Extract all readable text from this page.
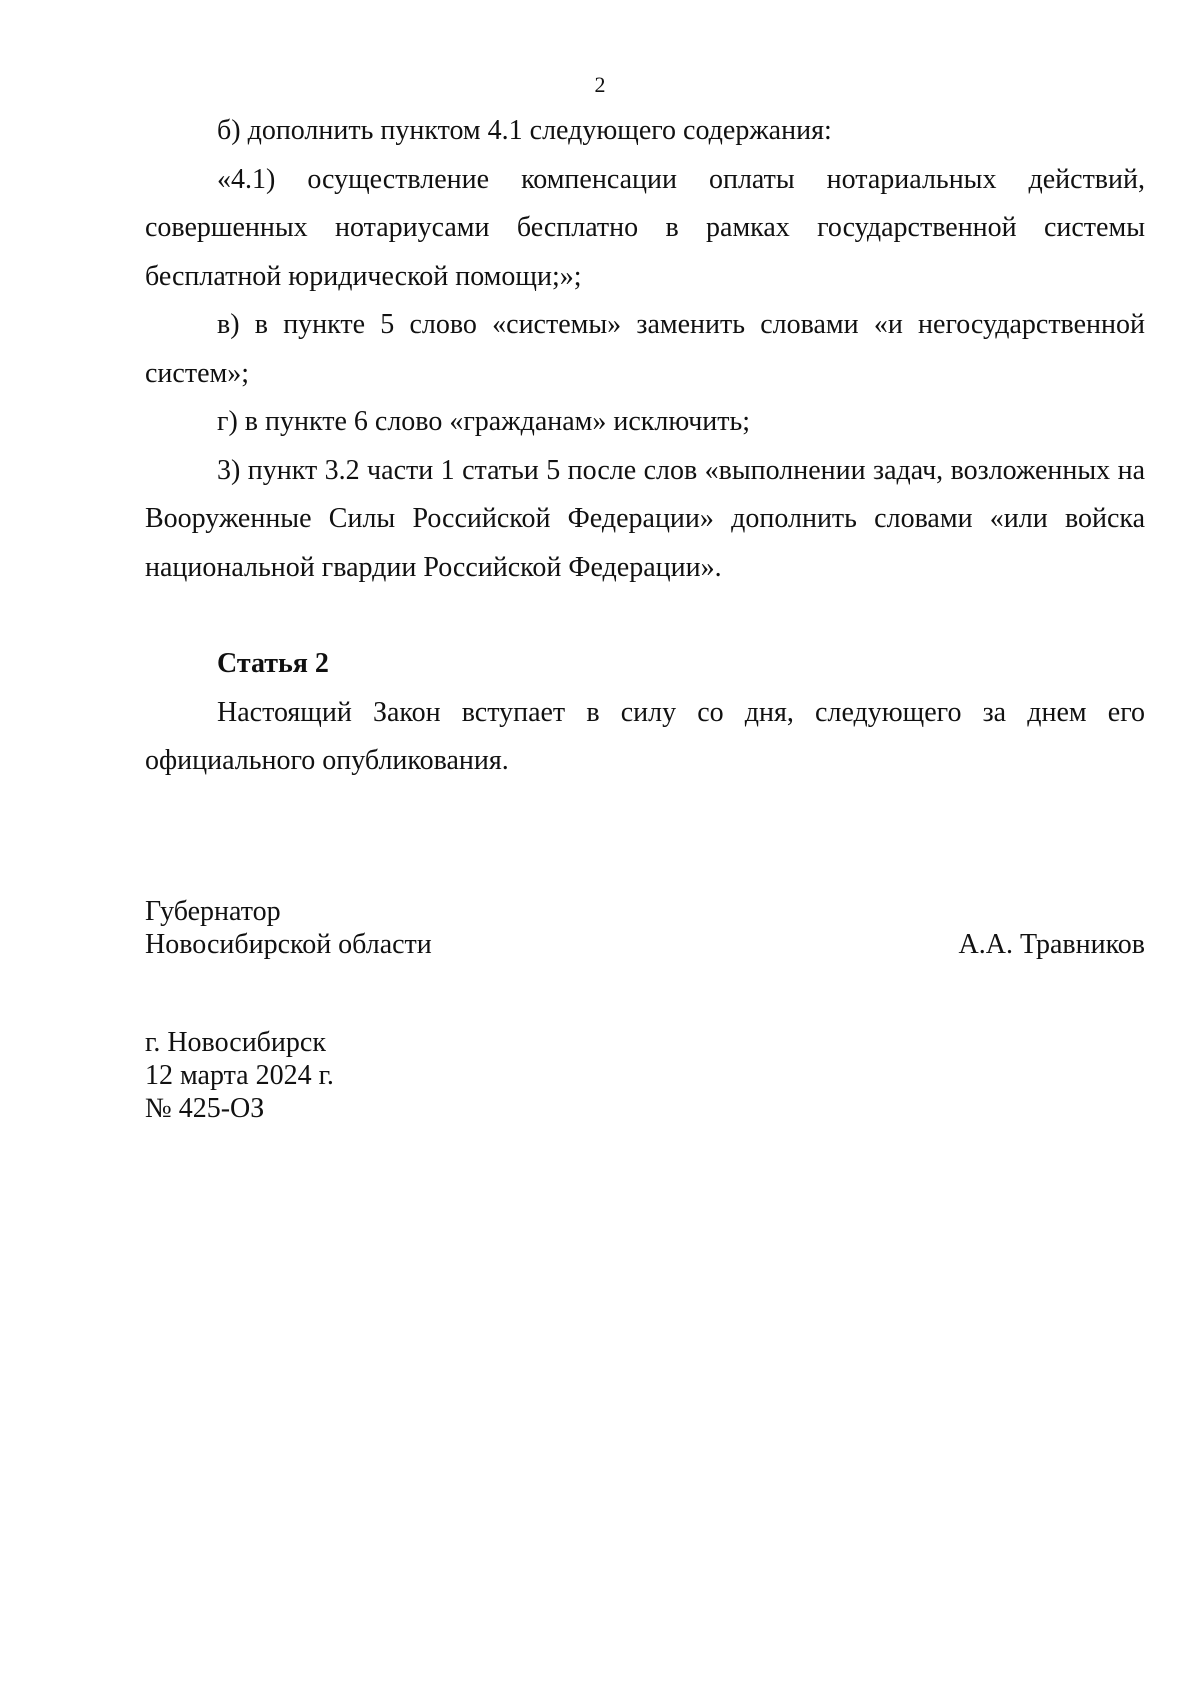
2

б) дополнить пунктом 4.1 следующего содержания:

«4.1) осуществление компенсации оплаты нотариальных действий, совершенных нотариусами бесплатно в рамках государственной системы бесплатной юридической помощи;»;

в) в пункте 5 слово «системы» заменить словами «и негосударственной систем»;

г) в пункте 6 слово «гражданам» исключить;

3) пункт 3.2 части 1 статьи 5 после слов «выполнении задач, возложенных на Вооруженные Силы Российской Федерации» дополнить словами «или войска национальной гвардии Российской Федерации».

Статья 2

Настоящий Закон вступает в силу со дня, следующего за днем его официального опубликования.

Губернатор
Новосибирской области	А.А. Травников
г. Новосибирск
12 марта 2024 г.
№ 425-ОЗ
